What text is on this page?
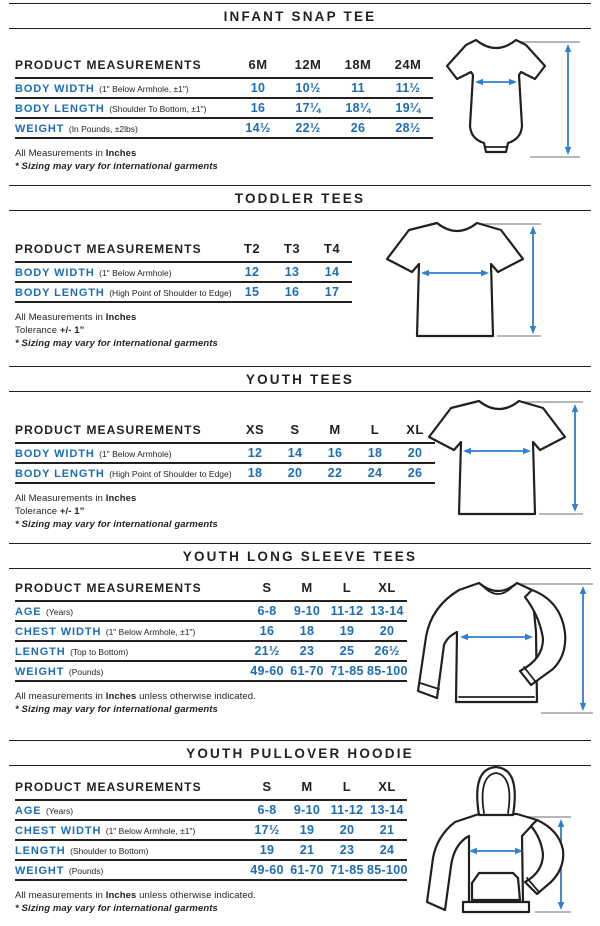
INFANT SNAP TEE
PRODUCT MEASUREMENTS	6M	12M	18M	24M
BODY WIDTH (1" Below Armhole, ±1")	10	10½	11	11½
BODY LENGTH (Shoulder To Bottom, ±1")	16	17¼	18¼	19¼
WEIGHT (In Pounds, ±2lbs)	14½	22½	26	28½

All Measurements in Inches

* Sizing may vary for international garments

TODDLER TEES
PRODUCT MEASUREMENTS	T2	T3	T4
BODY WIDTH (1" Below Armhole)	12	13	14
BODY LENGTH (High Point of Shoulder to Edge)	15	16	17

All Measurements in Inches

Tolerance +/- 1”

* Sizing may vary for international garments

YOUTH TEES
PRODUCT MEASUREMENTS	XS	S	M	L	XL
BODY WIDTH (1" Below Armhole)	12	14	16	18	20
BODY LENGTH (High Point of Shoulder to Edge)	18	20	22	24	26

All Measurements in Inches

Tolerance +/- 1”

* Sizing may vary for international garments

YOUTH LONG SLEEVE TEES
PRODUCT MEASUREMENTS	S	M	L	XL
AGE (Years)	6-8	9-10	11-12	13-14
CHEST WIDTH (1" Below Armhole, ±1")	16	18	19	20
LENGTH (Top to Bottom)	21½	23	25	26½
WEIGHT (Pounds)	49-60	61-70	71-85	85-100

All measurements in Inches unless otherwise indicated.

* Sizing may vary for international garments

YOUTH PULLOVER HOODIE
PRODUCT MEASUREMENTS	S	M	L	XL
AGE (Years)	6-8	9-10	11-12	13-14
CHEST WIDTH (1" Below Armhole, ±1")	17½	19	20	21
LENGTH (Shoulder to Bottom)	19	21	23	24
WEIGHT (Pounds)	49-60	61-70	71-85	85-100

All measurements in Inches unless otherwise indicated.

* Sizing may vary for international garments
